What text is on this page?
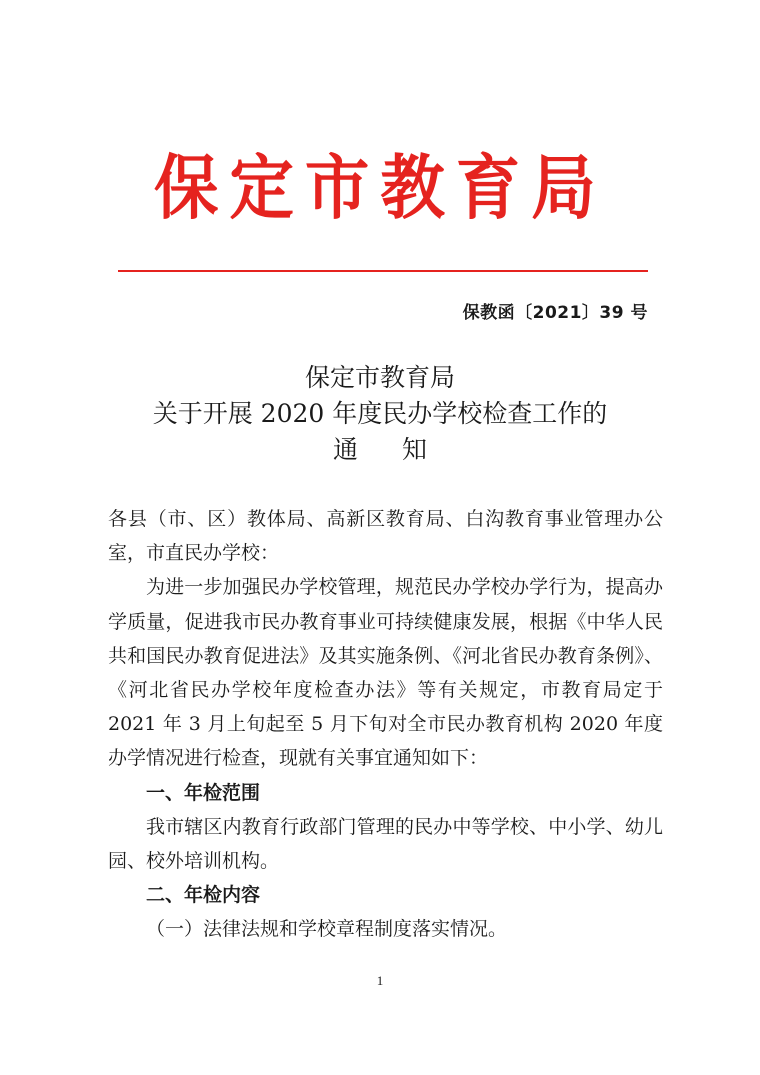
保定市教育局
保教函〔2021〕39 号
保定市教育局
关于开展 2020 年度民办学校检查工作的
通知

各县（市、区）教体局、高新区教育局、白沟教育事业管理办公室，市直民办学校：

为进一步加强民办学校管理，规范民办学校办学行为，提高办学质量，促进我市民办教育事业可持续健康发展，根据《中华人民共和国民办教育促进法》及其实施条例、《河北省民办教育条例》、《河北省民办学校年度检查办法》等有关规定，市教育局定于 2021 年 3 月上旬起至 5 月下旬对全市民办教育机构 2020 年度办学情况进行检查，现就有关事宜通知如下：

一、年检范围

我市辖区内教育行政部门管理的民办中等学校、中小学、幼儿园、校外培训机构。

二、年检内容

（一）法律法规和学校章程制度落实情况。

1
